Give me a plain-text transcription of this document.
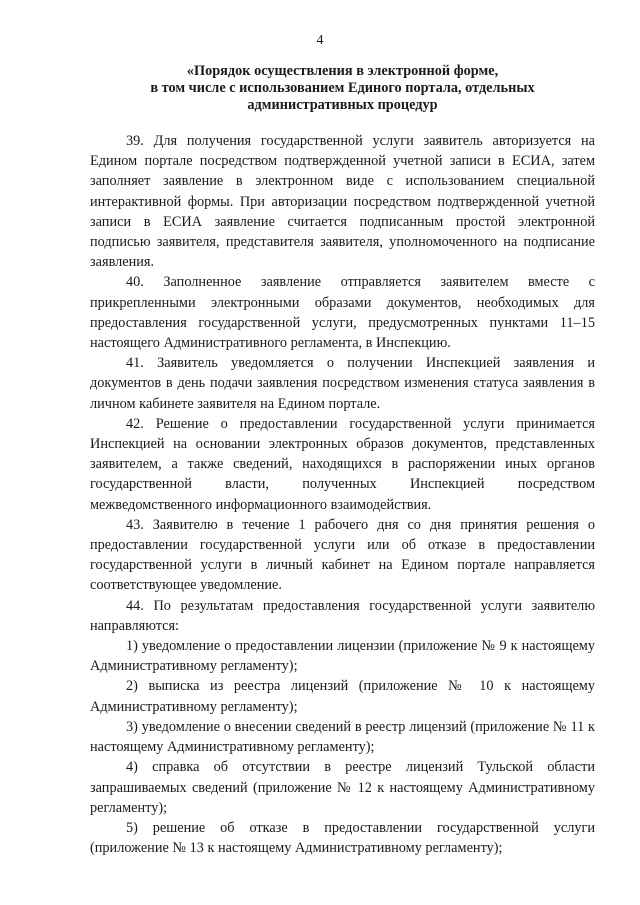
4
«Порядок осуществления в электронной форме,
в том числе с использованием Единого портала, отдельных
административных процедур

39. Для получения государственной услуги заявитель авторизуется на Едином портале посредством подтвержденной учетной записи в ЕСИА, затем заполняет заявление в электронном виде с использованием специальной интерактивной формы. При авторизации посредством подтвержденной учетной записи в ЕСИА заявление считается подписанным простой электронной подписью заявителя, представителя заявителя, уполномоченного на подписание заявления.

40. Заполненное заявление отправляется заявителем вместе с прикрепленными электронными образами документов, необходимых для предоставления государственной услуги, предусмотренных пунктами 11–15 настоящего Административного регламента, в Инспекцию.

41. Заявитель уведомляется о получении Инспекцией заявления и документов в день подачи заявления посредством изменения статуса заявления в личном кабинете заявителя на Едином портале.

42. Решение о предоставлении государственной услуги принимается Инспекцией на основании электронных образов документов, представленных заявителем, а также сведений, находящихся в распоряжении иных органов государственной власти, полученных Инспекцией посредством межведомственного информационного взаимодействия.

43. Заявителю в течение 1 рабочего дня со дня принятия решения о предоставлении государственной услуги или об отказе в предоставлении государственной услуги в личный кабинет на Едином портале направляется соответствующее уведомление.

44. По результатам предоставления государственной услуги заявителю направляются:

1) уведомление о предоставлении лицензии (приложение № 9 к настоящему Административному регламенту);

2) выписка из реестра лицензий (приложение № 10 к настоящему Административному регламенту);

3) уведомление о внесении сведений в реестр лицензий (приложение № 11 к настоящему Административному регламенту);

4) справка об отсутствии в реестре лицензий Тульской области запрашиваемых сведений (приложение № 12 к настоящему Административному регламенту);

5) решение об отказе в предоставлении государственной услуги (приложение № 13 к настоящему Административному регламенту);
